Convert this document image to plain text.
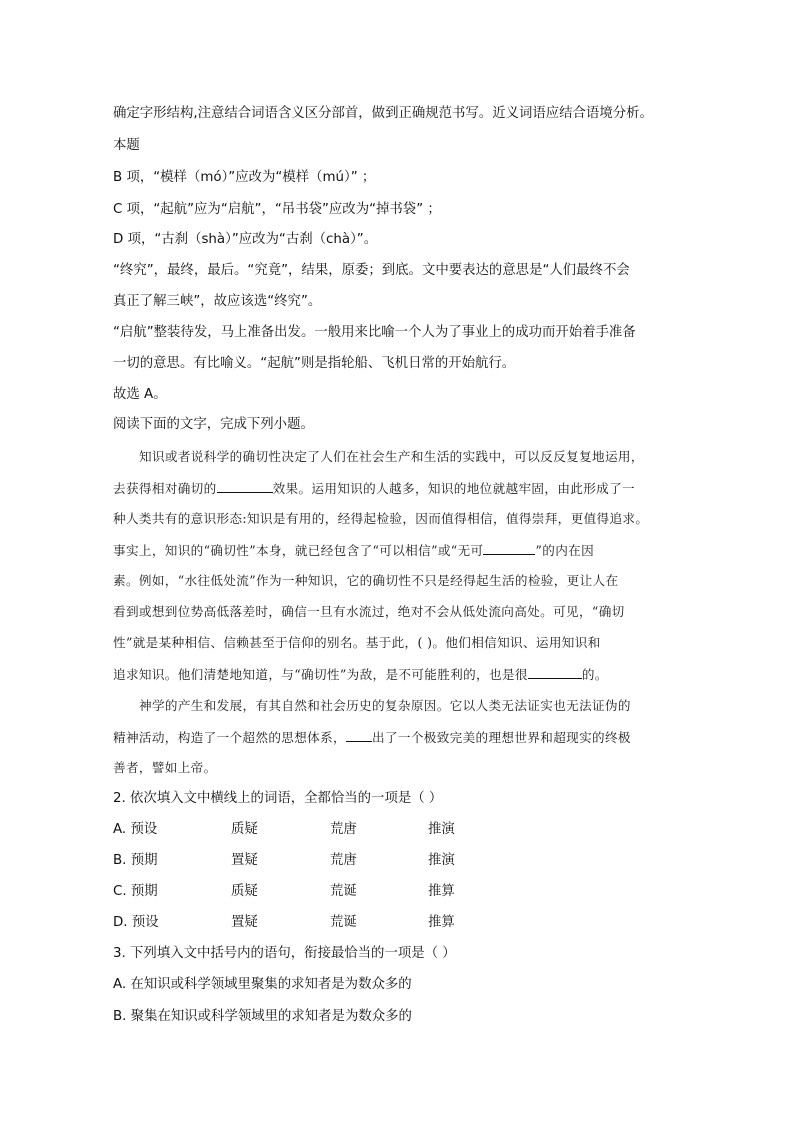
确定字形结构,注意结合词语含义区分部首，做到正确规范书写。近义词语应结合语境分析。
本题
B 项，“模样（mó）”应改为“模样（mú）” ；
C 项，“起航”应为“启航”，“吊书袋”应改为“掉书袋” ；
D 项，“古刹（shà）”应改为“古刹（chà）”。
“终究”，最终，最后。“究竟”，结果，原委；到底。文中要表达的意思是“人们最终不会
真正了解三峡”，故应该选“终究”。
“启航”整装待发，马上准备出发。一般用来比喻一个人为了事业上的成功而开始着手准备
一切的意思。有比喻义。“起航”则是指轮船、飞机日常的开始航行。
故选 A。
阅读下面的文字，完成下列小题。
知识或者说科学的确切性决定了人们在社会生产和生活的实践中，可以反反复复地运用，
去获得相对确切的	效果。运用知识的人越多，知识的地位就越牢固，由此形成了一
种人类共有的意识形态:知识是有用的，经得起检验，因而值得相信，值得崇拜，更值得追求。
事实上，知识的“确切性”本身，就已经包含了“可以相信”或“无可	”的内在因
素。例如，“水往低处流”作为一种知识，它的确切性不只是经得起生活的检验，更让人在
看到或想到位势高低落差时，确信一旦有水流过，绝对不会从低处流向高处。可见，“确切
性”就是某种相信、信赖甚至于信仰的别名。基于此，( )。他们相信知识、运用知识和
追求知识。他们清楚地知道，与“确切性”为敌，是不可能胜利的，也是很	的。
神学的产生和发展，有其自然和社会历史的复杂原因。它以人类无法证实也无法证伪的
精神活动，构造了一个超然的思想体系， 出了一个极致完美的理想世界和超现实的终极
善者，譬如上帝。
2. 依次填入文中横线上的词语，全都恰当的一项是（ ）
A. 预设	质疑	荒唐	推演
B. 预期	置疑	荒唐	推演
C. 预期	质疑	荒诞	推算
D. 预设	置疑	荒诞	推算
3. 下列填入文中括号内的语句，衔接最恰当的一项是（ ）
A. 在知识或科学领域里聚集的求知者是为数众多的
B. 聚集在知识或科学领域里的求知者是为数众多的
